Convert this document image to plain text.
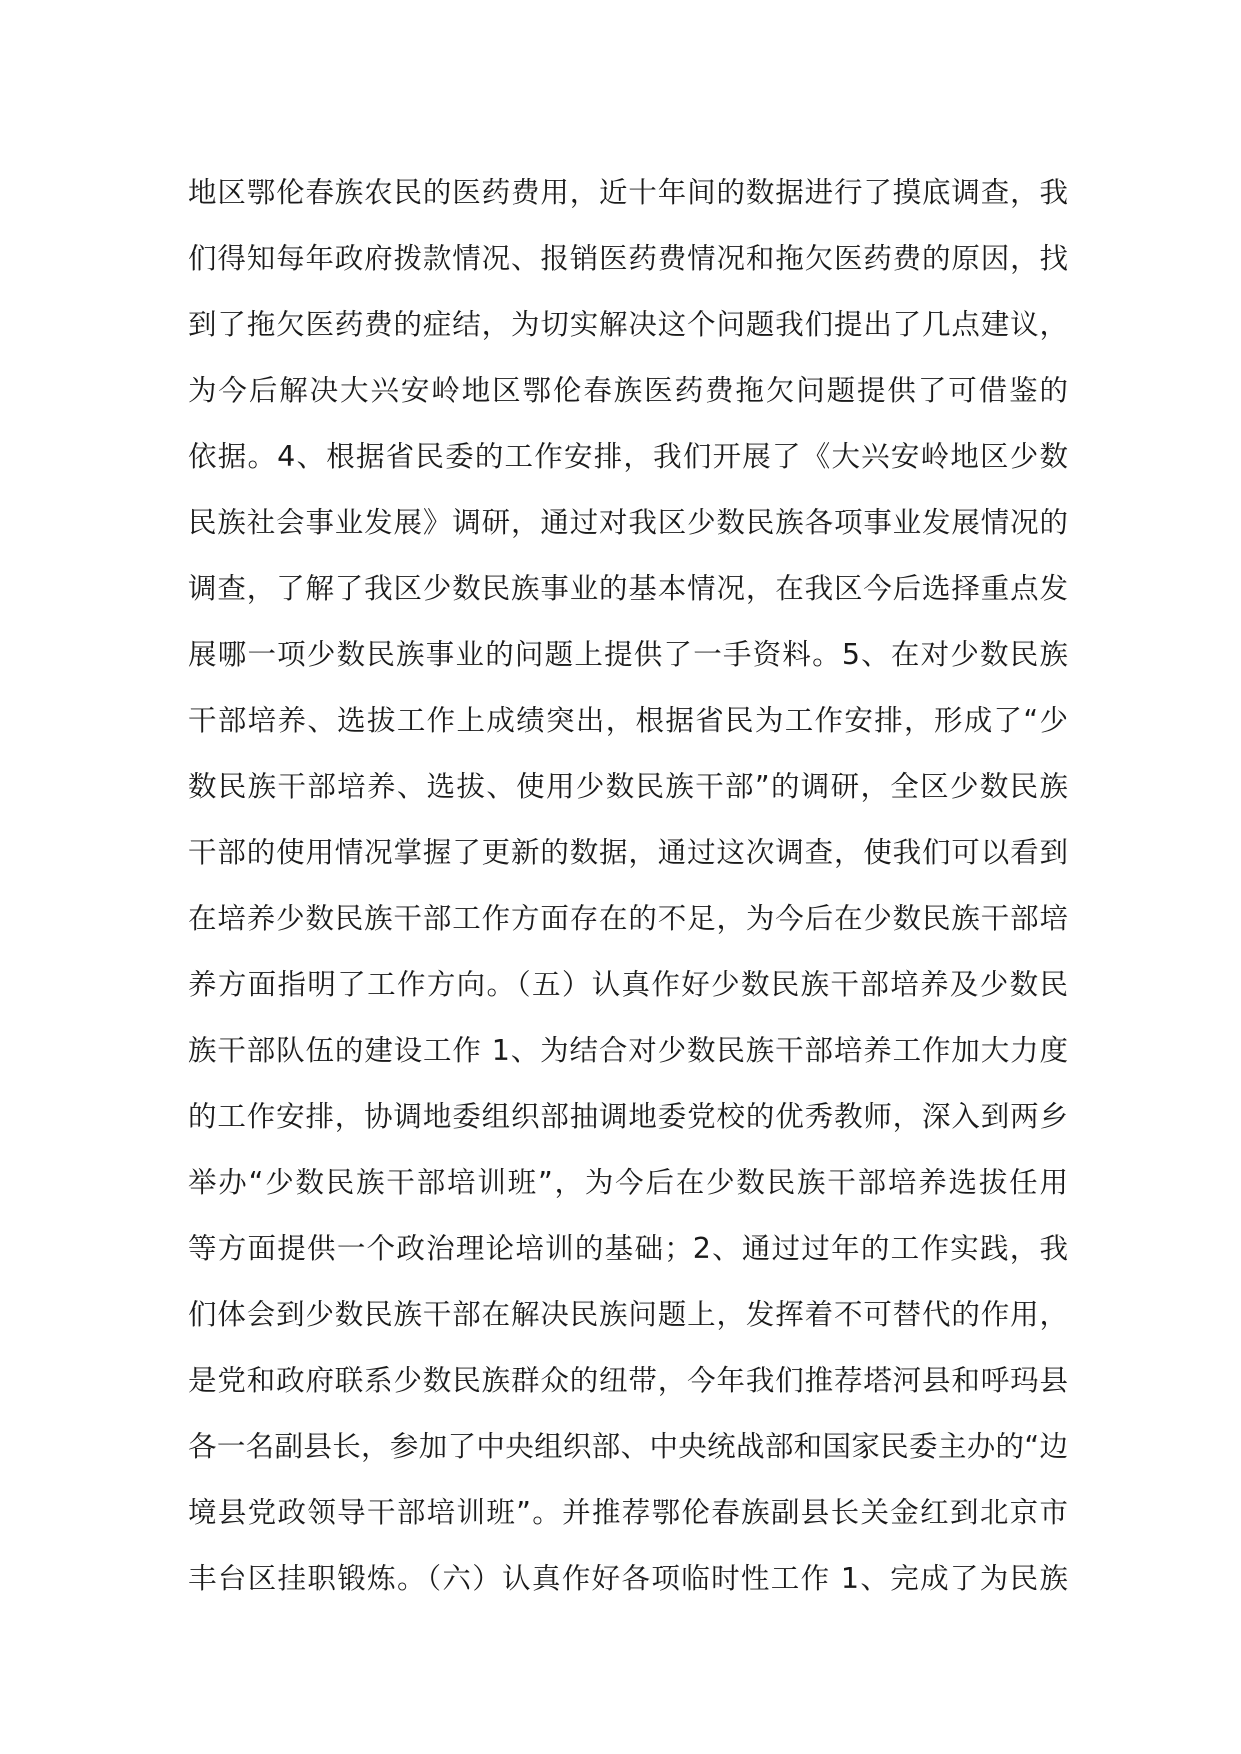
地区鄂伦春族农民的医药费用，近十年间的数据进行了摸底调查，我
们得知每年政府拨款情况、报销医药费情况和拖欠医药费的原因，找
到了拖欠医药费的症结，为切实解决这个问题我们提出了几点建议，
为今后解决大兴安岭地区鄂伦春族医药费拖欠问题提供了可借鉴的
依据。4、根据省民委的工作安排，我们开展了《大兴安岭地区少数
民族社会事业发展》调研，通过对我区少数民族各项事业发展情况的
调查，了解了我区少数民族事业的基本情况，在我区今后选择重点发
展哪一项少数民族事业的问题上提供了一手资料。5、在对少数民族
干部培养、选拔工作上成绩突出，根据省民为工作安排，形成了“少
数民族干部培养、选拔、使用少数民族干部”的调研，全区少数民族
干部的使用情况掌握了更新的数据，通过这次调查，使我们可以看到
在培养少数民族干部工作方面存在的不足，为今后在少数民族干部培
养方面指明了工作方向。（五）认真作好少数民族干部培养及少数民
族干部队伍的建设工作 1、为结合对少数民族干部培养工作加大力度
的工作安排，协调地委组织部抽调地委党校的优秀教师，深入到两乡
举办“少数民族干部培训班”，为今后在少数民族干部培养选拔任用
等方面提供一个政治理论培训的基础；2、通过过年的工作实践，我
们体会到少数民族干部在解决民族问题上，发挥着不可替代的作用，
是党和政府联系少数民族群众的纽带，今年我们推荐塔河县和呼玛县
各一名副县长，参加了中央组织部、中央统战部和国家民委主办的“边
境县党政领导干部培训班”。并推荐鄂伦春族副县长关金红到北京市
丰台区挂职锻炼。（六）认真作好各项临时性工作 1、完成了为民族
